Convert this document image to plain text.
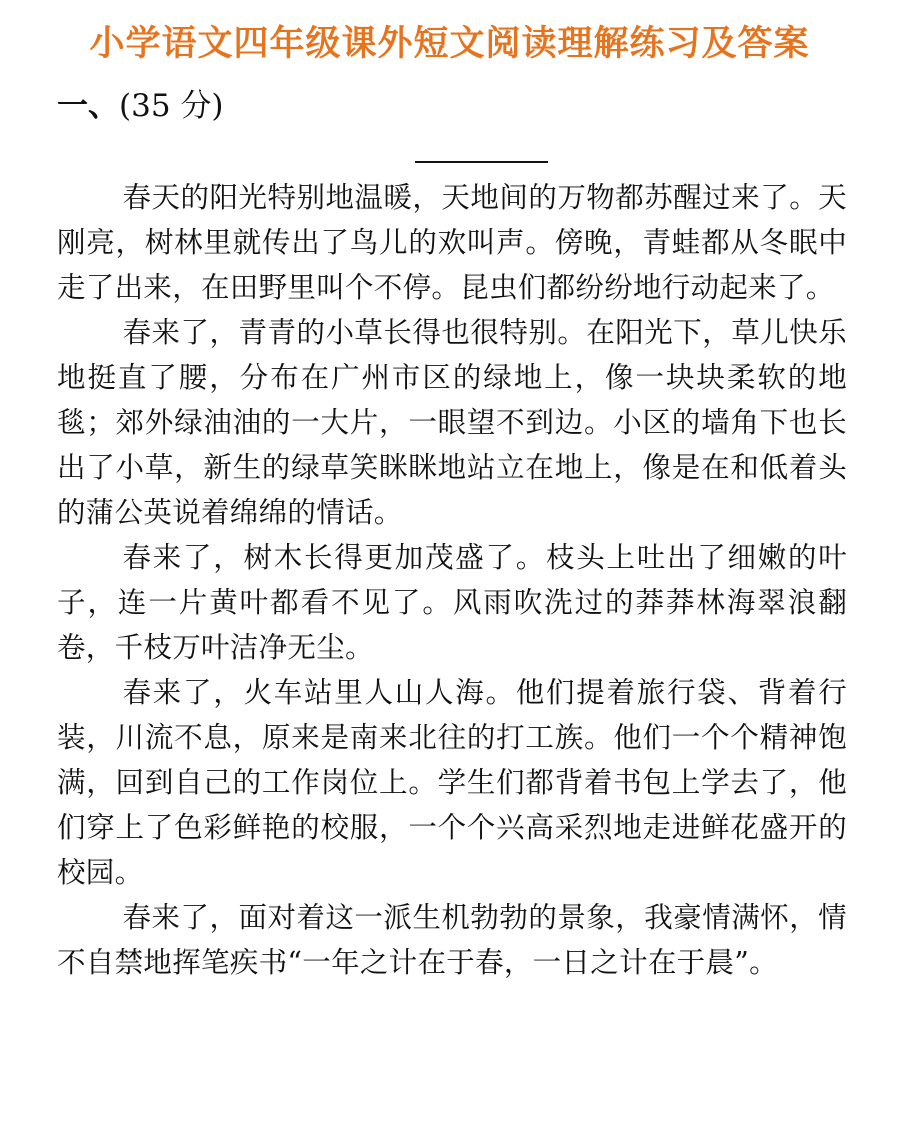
小学语文四年级课外短文阅读理解练习及答案
一、(35 分)

春天的阳光特别地温暖，天地间的万物都苏醒过来了。天刚亮，树林里就传出了鸟儿的欢叫声。傍晚，青蛙都从冬眠中走了出来，在田野里叫个不停。昆虫们都纷纷地行动起来了。

春来了，青青的小草长得也很特别。在阳光下，草儿快乐地挺直了腰，分布在广州市区的绿地上，像一块块柔软的地毯；郊外绿油油的一大片，一眼望不到边。小区的墙角下也长出了小草，新生的绿草笑眯眯地站立在地上，像是在和低着头的蒲公英说着绵绵的情话。

春来了，树木长得更加茂盛了。枝头上吐出了细嫩的叶子，连一片黄叶都看不见了。风雨吹洗过的莽莽林海翠浪翻卷，千枝万叶洁净无尘。

春来了，火车站里人山人海。他们提着旅行袋、背着行装，川流不息，原来是南来北往的打工族。他们一个个精神饱满，回到自己的工作岗位上。学生们都背着书包上学去了，他们穿上了色彩鲜艳的校服，一个个兴高采烈地走进鲜花盛开的校园。

春来了，面对着这一派生机勃勃的景象，我豪情满怀，情不自禁地挥笔疾书“一年之计在于春，一日之计在于晨”。
